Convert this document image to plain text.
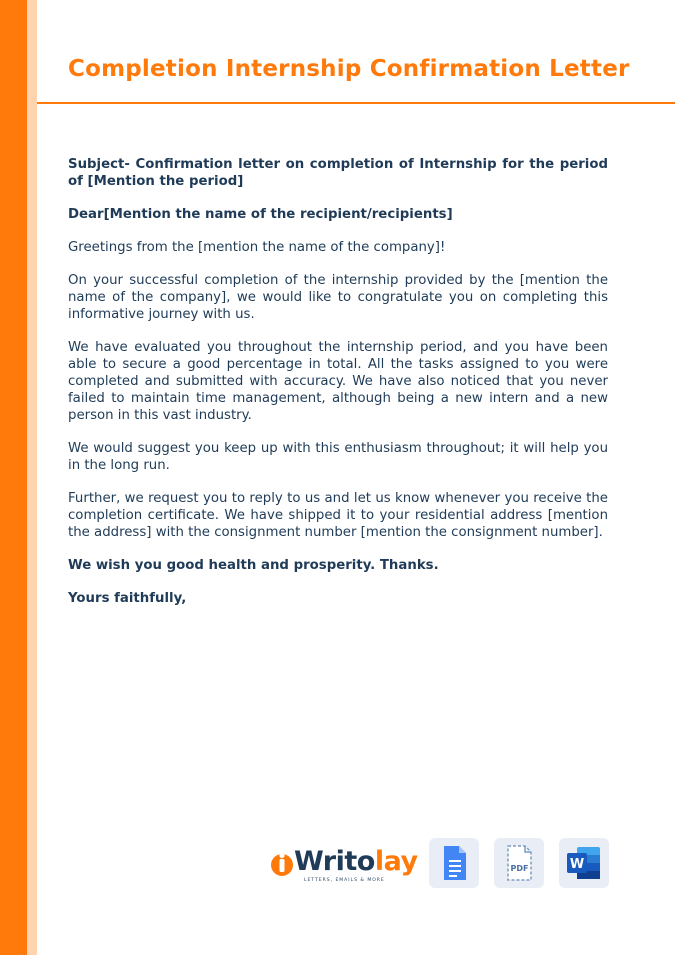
Completion Internship Confirmation Letter

Subject- Confirmation letter on completion of Internship for the period of [Mention the period]

Dear[Mention the name of the recipient/recipients]

Greetings from the [mention the name of the company]!

On your successful completion of the internship provided by the [mention the name of the company], we would like to congratulate you on completing this informative journey with us.

We have evaluated you throughout the internship period, and you have been able to secure a good percentage in total. All the tasks assigned to you were completed and submitted with accuracy. We have also noticed that you never failed to maintain time management, although being a new intern and a new person in this vast industry.

We would suggest you keep up with this enthusiasm throughout; it will help you in the long run.

Further, we request you to reply to us and let us know whenever you receive the completion certificate. We have shipped it to your residential address [mention the address] with the consignment number [mention the consignment number].

We wish you good health and prosperity. Thanks.

Yours faithfully,

Writolay
LETTERS, EMAILS & MORE
PDF	W
